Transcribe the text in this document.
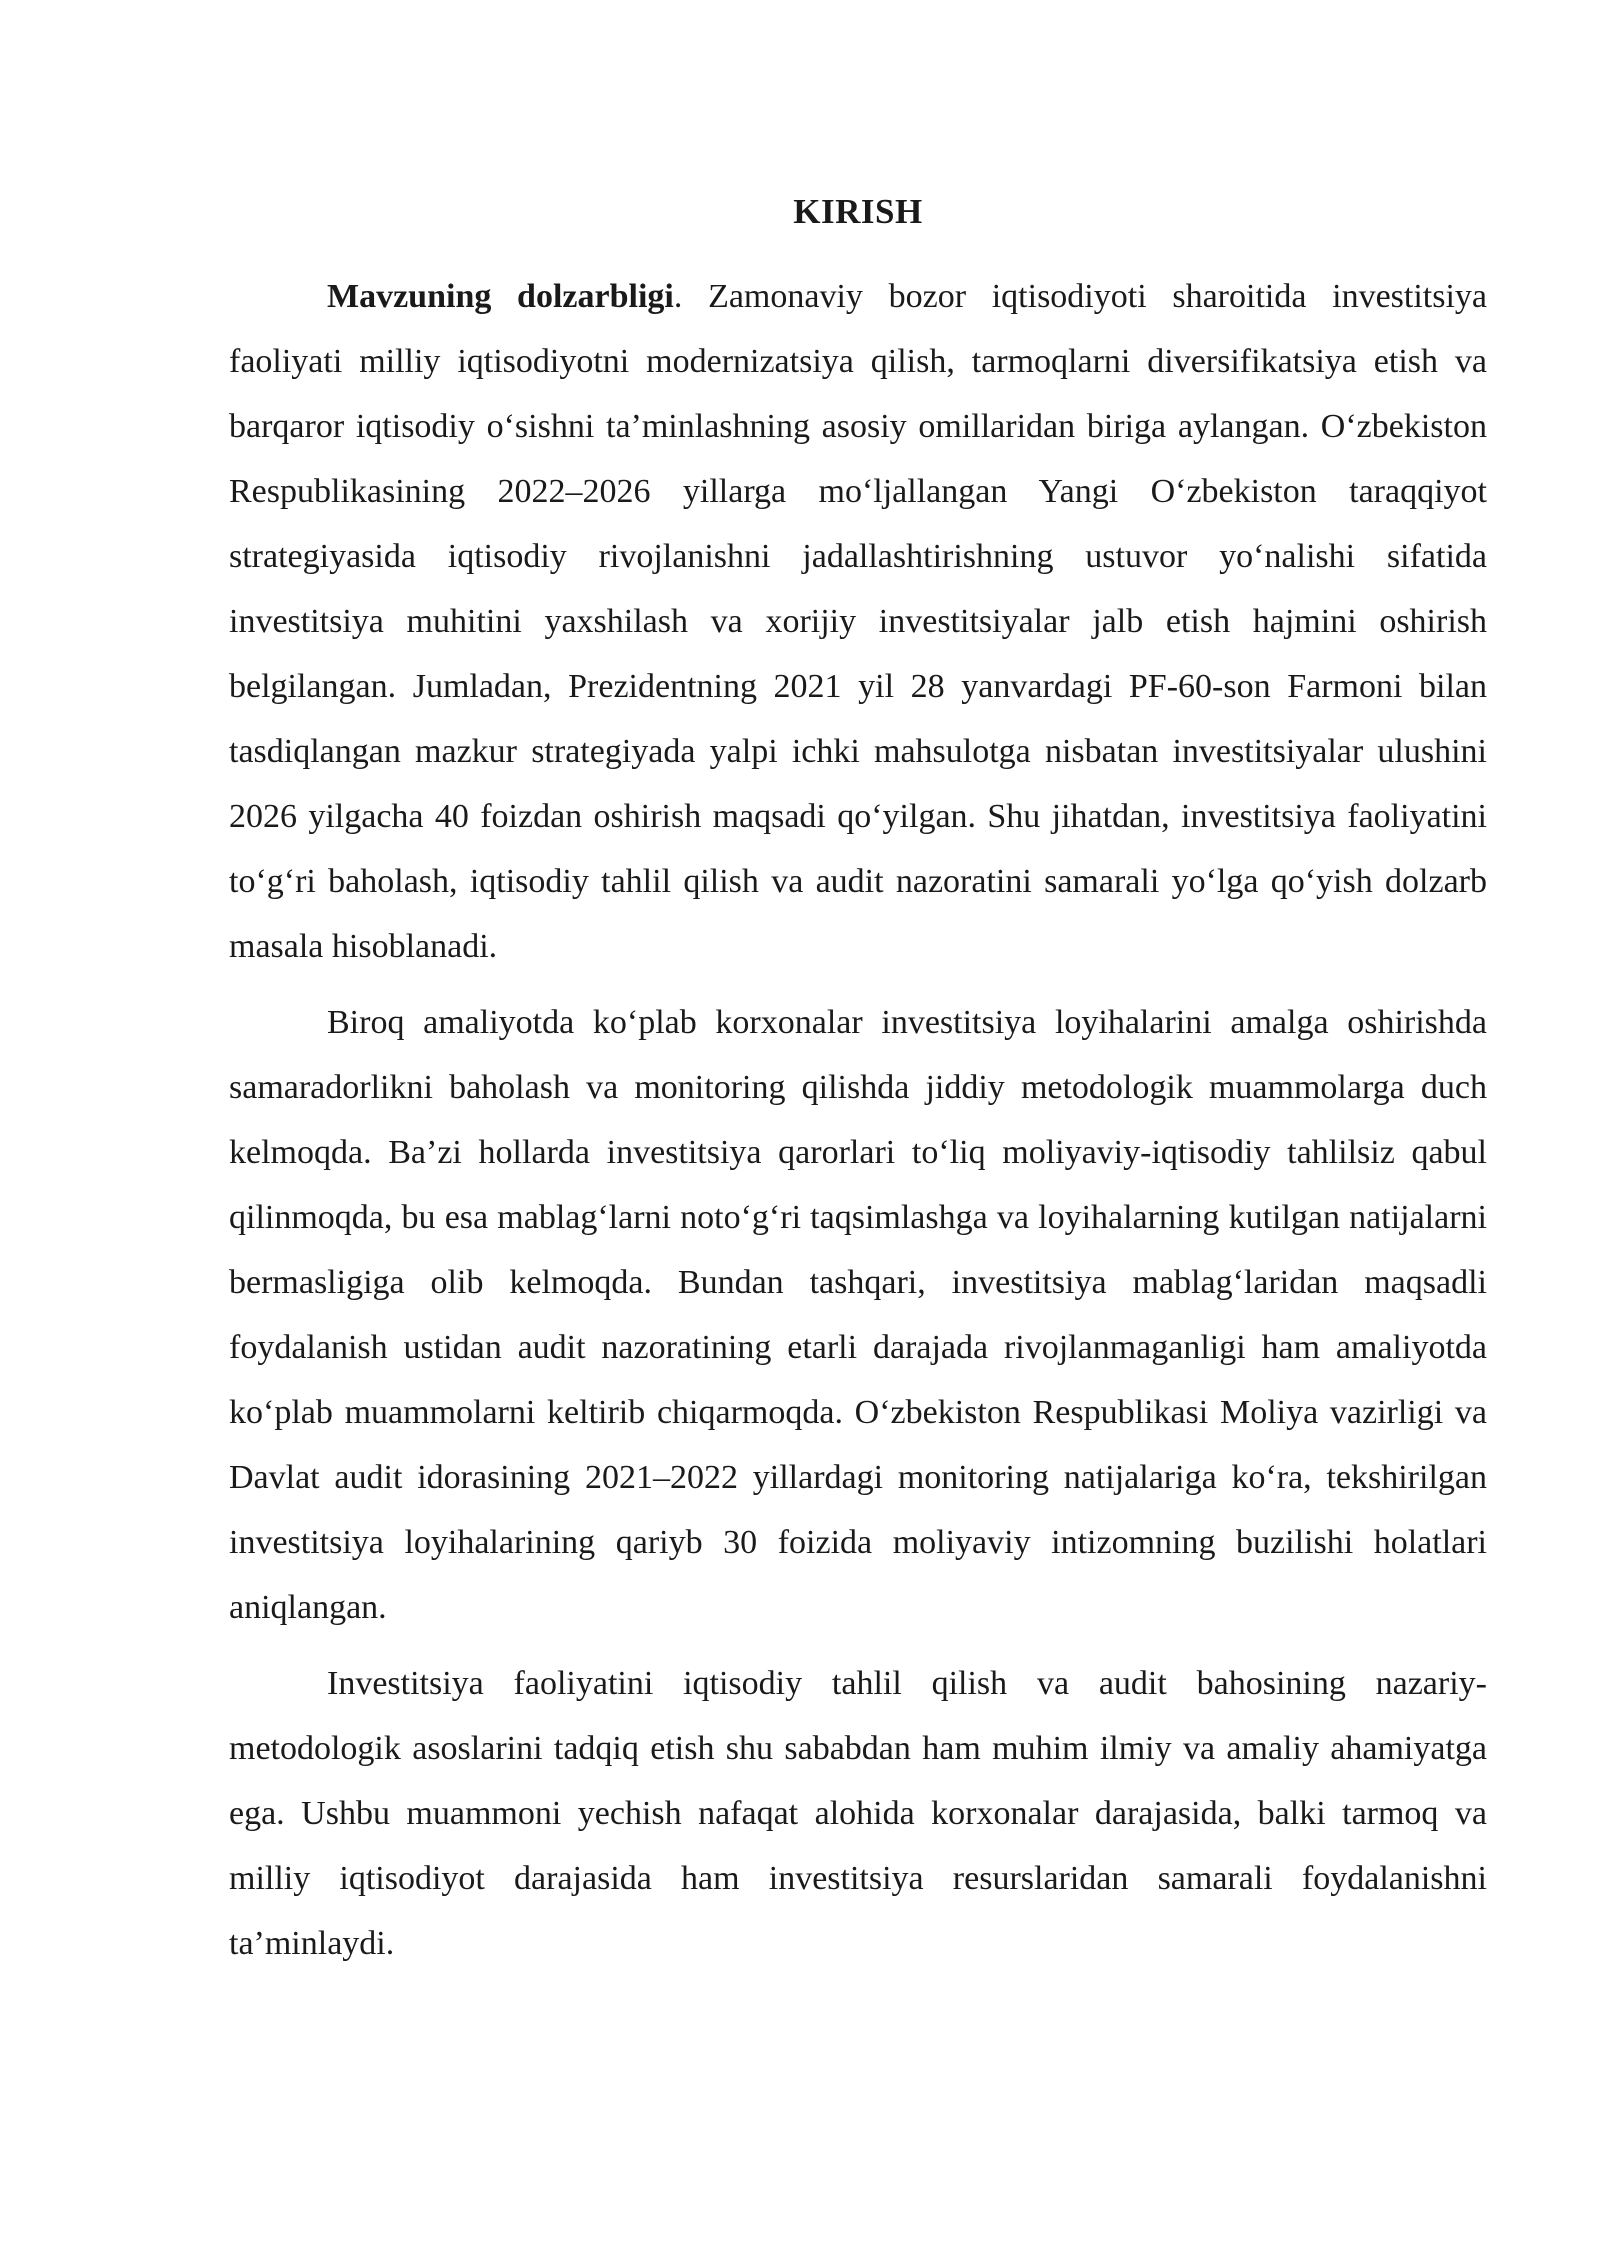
KIRISH

Mavzuning dolzarbligi. Zamonaviy bozor iqtisodiyoti sharoitida investitsiya faoliyati milliy iqtisodiyotni modernizatsiya qilish, tarmoqlarni diversifikatsiya etish va barqaror iqtisodiy o‘sishni ta’minlashning asosiy omillaridan biriga aylangan. O‘zbekiston Respublikasining 2022–2026 yillarga mo‘ljallangan Yangi O‘zbekiston taraqqiyot strategiyasida iqtisodiy rivojlanishni jadallashtirishning ustuvor yo‘nalishi sifatida investitsiya muhitini yaxshilash va xorijiy investitsiyalar jalb etish hajmini oshirish belgilangan. Jumladan, Prezidentning 2021 yil 28 yanvardagi PF-60-son Farmoni bilan tasdiqlangan mazkur strategiyada yalpi ichki mahsulotga nisbatan investitsiyalar ulushini 2026 yilgacha 40 foizdan oshirish maqsadi qo‘yilgan. Shu jihatdan, investitsiya faoliyatini to‘g‘ri baholash, iqtisodiy tahlil qilish va audit nazoratini samarali yo‘lga qo‘yish dolzarb masala hisoblanadi.

Biroq amaliyotda ko‘plab korxonalar investitsiya loyihalarini amalga oshirishda samaradorlikni baholash va monitoring qilishda jiddiy metodologik muammolarga duch kelmoqda. Ba’zi hollarda investitsiya qarorlari to‘liq moliyaviy-iqtisodiy tahlilsiz qabul qilinmoqda, bu esa mablag‘larni noto‘g‘ri taqsimlashga va loyihalarning kutilgan natijalarni bermasligiga olib kelmoqda. Bundan tashqari, investitsiya mablag‘laridan maqsadli foydalanish ustidan audit nazoratining etarli darajada rivojlanmaganligi ham amaliyotda ko‘plab muammolarni keltirib chiqarmoqda. O‘zbekiston Respublikasi Moliya vazirligi va Davlat audit idorasining 2021–2022 yillardagi monitoring natijalariga ko‘ra, tekshirilgan investitsiya loyihalarining qariyb 30 foizida moliyaviy intizomning buzilishi holatlari aniqlangan.

Investitsiya faoliyatini iqtisodiy tahlil qilish va audit bahosining nazariy-metodologik asoslarini tadqiq etish shu sababdan ham muhim ilmiy va amaliy ahamiyatga ega. Ushbu muammoni yechish nafaqat alohida korxonalar darajasida, balki tarmoq va milliy iqtisodiyot darajasida ham investitsiya resurslaridan samarali foydalanishni ta’minlaydi.
